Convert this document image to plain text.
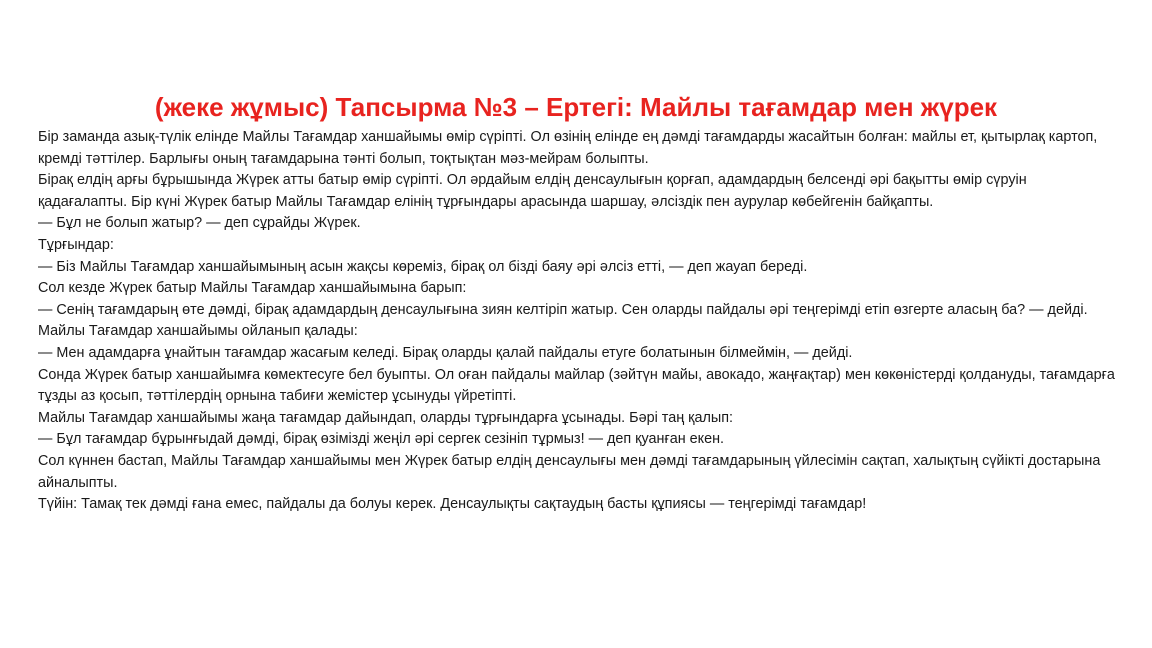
(жеке жұмыс) Тапсырма №3 – Ертегі: Майлы тағамдар мен жүрек

Бір заманда азық-түлік елінде Майлы Тағамдар ханшайымы өмір сүріпті. Ол өзінің елінде ең дәмді тағамдарды жасайтын болған: майлы ет, қытырлақ картоп, кремді тәттілер. Барлығы оның тағамдарына тәнті болып, тоқтықтан мәз-мейрам болыпты.

Бірақ елдің арғы бұрышында Жүрек атты батыр өмір сүріпті. Ол әрдайым елдің денсаулығын қорғап, адамдардың белсенді әрі бақытты өмір сүруін қадағалапты. Бір күні Жүрек батыр Майлы Тағамдар елінің тұрғындары арасында шаршау, әлсіздік пен аурулар көбейгенін байқапты.

— Бұл не болып жатыр? — деп сұрайды Жүрек.

Тұрғындар:

— Біз Майлы Тағамдар ханшайымының асын жақсы көреміз, бірақ ол бізді баяу әрі әлсіз етті, — деп жауап береді.

Сол кезде Жүрек батыр Майлы Тағамдар ханшайымына барып:

— Сенің тағамдарың өте дәмді, бірақ адамдардың денсаулығына зиян келтіріп жатыр. Сен оларды пайдалы әрі теңгерімді етіп өзгерте аласың ба? — дейді.

Майлы Тағамдар ханшайымы ойланып қалады:

— Мен адамдарға ұнайтын тағамдар жасағым келеді. Бірақ оларды қалай пайдалы етуге болатынын білмеймін, — дейді.

Сонда Жүрек батыр ханшайымға көмектесуге бел буыпты. Ол оған пайдалы майлар (зәйтүн майы, авокадо, жаңғақтар) мен көкөністерді қолдануды, тағамдарға тұзды аз қосып, тәттілердің орнына табиғи жемістер ұсынуды үйретіпті.

Майлы Тағамдар ханшайымы жаңа тағамдар дайындап, оларды тұрғындарға ұсынады. Бәрі таң қалып:

— Бұл тағамдар бұрынғыдай дәмді, бірақ өзімізді жеңіл әрі сергек сезініп тұрмыз! — деп қуанған екен.

Сол күннен бастап, Майлы Тағамдар ханшайымы мен Жүрек батыр елдің денсаулығы мен дәмді тағамдарының үйлесімін сақтап, халықтың сүйікті достарына айналыпты.

Түйін: Тамақ тек дәмді ғана емес, пайдалы да болуы керек. Денсаулықты сақтаудың басты құпиясы — теңгерімді тағамдар!
